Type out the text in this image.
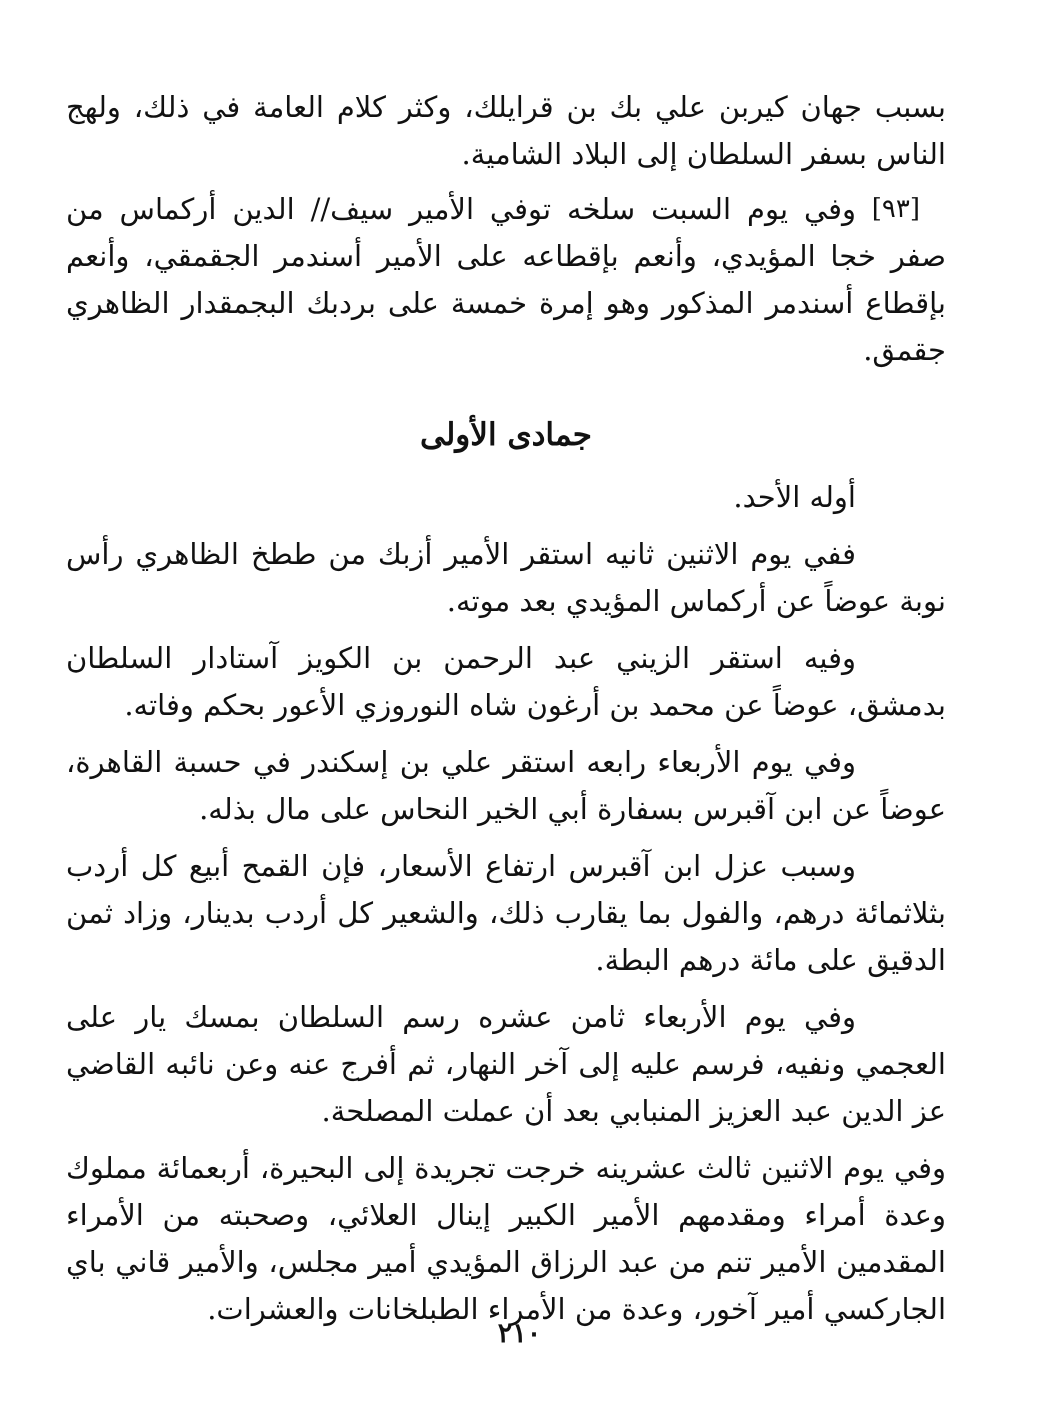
بسبب جهان كيربن علي بك بن قرايلك، وكثر كلام العامة في ذلك، ولهج الناس بسفر السلطان إلى البلاد الشامية.

[٩٣]
وفي يوم السبت سلخه توفي الأمير سيف// الدين أركماس من صفر خجا المؤيدي، وأنعم بإقطاعه على الأمير أسندمر الجقمقي، وأنعم بإقطاع أسندمر المذكور وهو إمرة خمسة على بردبك البجمقدار الظاهري جقمق.
جمادى الأولى

أوله الأحد.

ففي يوم الاثنين ثانيه استقر الأمير أزبك من ططخ الظاهري رأس نوبة عوضاً عن أركماس المؤيدي بعد موته.

وفيه استقر الزيني عبد الرحمن بن الكويز آستادار السلطان بدمشق، عوضاً عن محمد بن أرغون شاه النوروزي الأعور بحكم وفاته.

وفي يوم الأربعاء رابعه استقر علي بن إسكندر في حسبة القاهرة، عوضاً عن ابن آقبرس بسفارة أبي الخير النحاس على مال بذله.

وسبب عزل ابن آقبرس ارتفاع الأسعار، فإن القمح أبيع كل أردب بثلاثمائة درهم، والفول بما يقارب ذلك، والشعير كل أردب بدينار، وزاد ثمن الدقيق على مائة درهم البطة.

وفي يوم الأربعاء ثامن عشره رسم السلطان بمسك يار على العجمي ونفيه، فرسم عليه إلى آخر النهار، ثم أفرج عنه وعن نائبه القاضي عز الدين عبد العزيز المنبابي بعد أن عملت المصلحة.

وفي يوم الاثنين ثالث عشرينه خرجت تجريدة إلى البحيرة، أربعمائة مملوك وعدة أمراء ومقدمهم الأمير الكبير إينال العلائي، وصحبته من الأمراء المقدمين الأمير تنم من عبد الرزاق المؤيدي أمير مجلس، والأمير قاني باي الجاركسي أمير آخور، وعدة من الأمراء الطبلخانات والعشرات.

٢١٠
